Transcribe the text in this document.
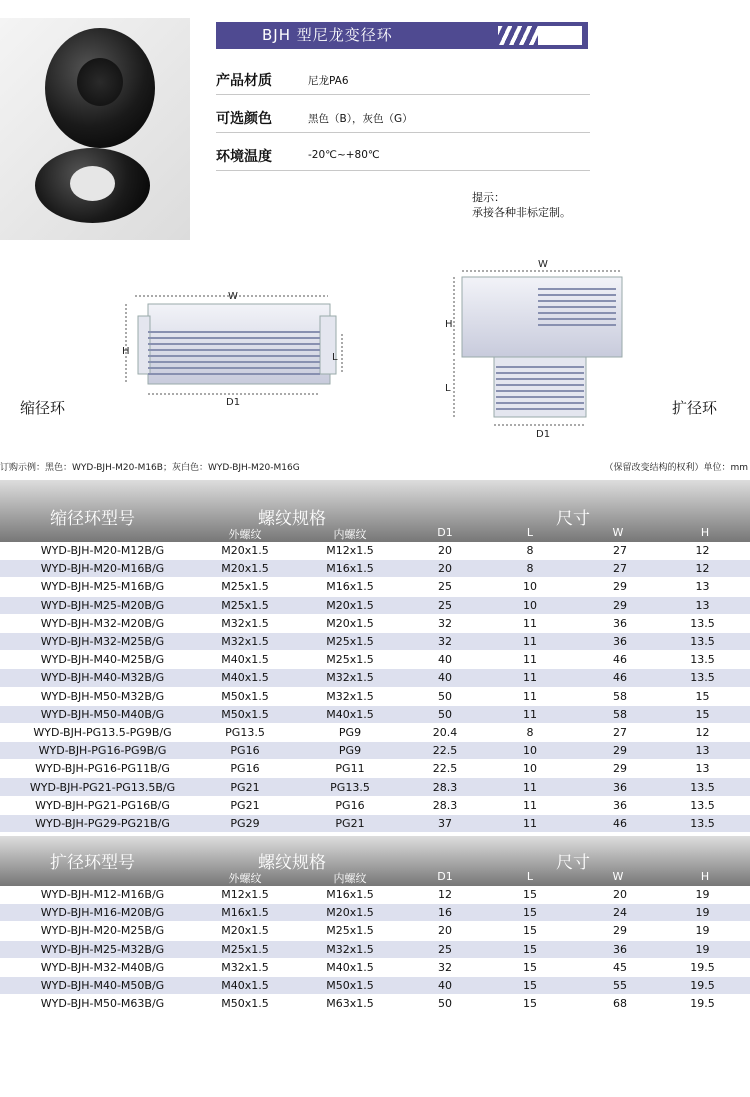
BJH 型尼龙变径环
产品材质	尼龙PA6
可选颜色	黑色（B），灰色（G）
环境温度	-20℃~+80℃
提示：
承接各种非标定制。
W
H
L
D1
缩径环
W
H
L
D1
扩径环
订购示例：黑色：WYD-BJH-M20-M16B；灰白色：WYD-BJH-M20-M16G	（保留改变结构的权利）单位：mm
缩径环型号	螺纹规格	尺寸
外螺纹	内螺纹	D1	L	W	H
WYD-BJH-M20-M12B/G	M20x1.5	M12x1.5	20	8	27	12
WYD-BJH-M20-M16B/G	M20x1.5	M16x1.5	20	8	27	12
WYD-BJH-M25-M16B/G	M25x1.5	M16x1.5	25	10	29	13
WYD-BJH-M25-M20B/G	M25x1.5	M20x1.5	25	10	29	13
WYD-BJH-M32-M20B/G	M32x1.5	M20x1.5	32	11	36	13.5
WYD-BJH-M32-M25B/G	M32x1.5	M25x1.5	32	11	36	13.5
WYD-BJH-M40-M25B/G	M40x1.5	M25x1.5	40	11	46	13.5
WYD-BJH-M40-M32B/G	M40x1.5	M32x1.5	40	11	46	13.5
WYD-BJH-M50-M32B/G	M50x1.5	M32x1.5	50	11	58	15
WYD-BJH-M50-M40B/G	M50x1.5	M40x1.5	50	11	58	15
WYD-BJH-PG13.5-PG9B/G	PG13.5	PG9	20.4	8	27	12
WYD-BJH-PG16-PG9B/G	PG16	PG9	22.5	10	29	13
WYD-BJH-PG16-PG11B/G	PG16	PG11	22.5	10	29	13
WYD-BJH-PG21-PG13.5B/G	PG21	PG13.5	28.3	11	36	13.5
WYD-BJH-PG21-PG16B/G	PG21	PG16	28.3	11	36	13.5
WYD-BJH-PG29-PG21B/G	PG29	PG21	37	11	46	13.5

扩径环型号	螺纹规格	尺寸
外螺纹	内螺纹	D1	L	W	H
WYD-BJH-M12-M16B/G	M12x1.5	M16x1.5	12	15	20	19
WYD-BJH-M16-M20B/G	M16x1.5	M20x1.5	16	15	24	19
WYD-BJH-M20-M25B/G	M20x1.5	M25x1.5	20	15	29	19
WYD-BJH-M25-M32B/G	M25x1.5	M32x1.5	25	15	36	19
WYD-BJH-M32-M40B/G	M32x1.5	M40x1.5	32	15	45	19.5
WYD-BJH-M40-M50B/G	M40x1.5	M50x1.5	40	15	55	19.5
WYD-BJH-M50-M63B/G	M50x1.5	M63x1.5	50	15	68	19.5
